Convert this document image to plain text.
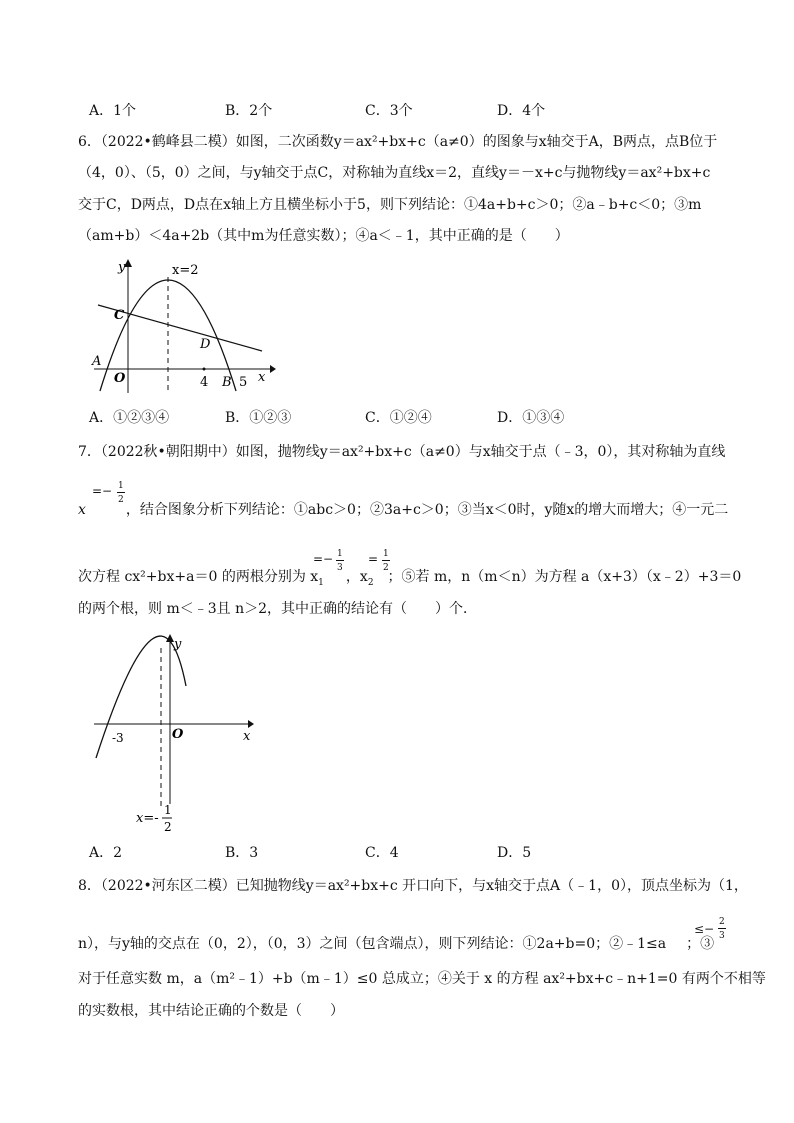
A．1个	B．2个	C．3个	D．4个
6．（2022•鹤峰县二模）如图，二次函数y＝ax²+bx+c（a≠0）的图象与x轴交于A，B两点，点B位于
（4，0）、（5，0）之间，与y轴交于点C，对称轴为直线x＝2，直线y＝－x+c与抛物线y＝ax²+bx+c
交于C，D两点，D点在x轴上方且横坐标小于5，则下列结论：①4a+b+c＞0；②a﹣b+c＜0；③m
（am+b）＜4a+2b（其中m为任意实数）；④a＜﹣1，其中正确的是（　　）
y	x=2
C
D
A
O	4 B 5 x
A．①②③④	B．①②③	C．①②④	D．①③④
7．（2022秋•朝阳期中）如图，抛物线y＝ax²+bx+c（a≠0）与x轴交于点（﹣3，0），其对称轴为直线
x	，结合图象分析下列结论：①abc＞0；②3a+c＞0；③当x＜0时，y随x的增大而增大；④一元二
=− 1
2
次方程 cx²+bx+a＝0 的两根分别为 $x_1$ ，$x_2$ ；⑤若 m，n（m＜n）为方程 a（x+3）（x﹣2）+3＝0
=− 1
3
= 1
2
的两个根，则 m＜﹣3且 n＞2，其中正确的结论有（　　）个．
y
x
O
-3
x=-
1
2
A．2	B．3	C．4	D．5
8．（2022•河东区二模）已知抛物线y＝ax²+bx+c 开口向下，与x轴交于点A（﹣1，0），顶点坐标为（1，
n），与y轴的交点在（0，2），（0，3）之间（包含端点），则下列结论：①2a+b=0；②﹣1≤a ；③
≤− 2
3
对于任意实数 m，a（m²﹣1）+b（m﹣1）≤0 总成立；④关于 x 的方程 ax²+bx+c﹣n+1=0 有两个不相等
的实数根，其中结论正确的个数是（　　）
